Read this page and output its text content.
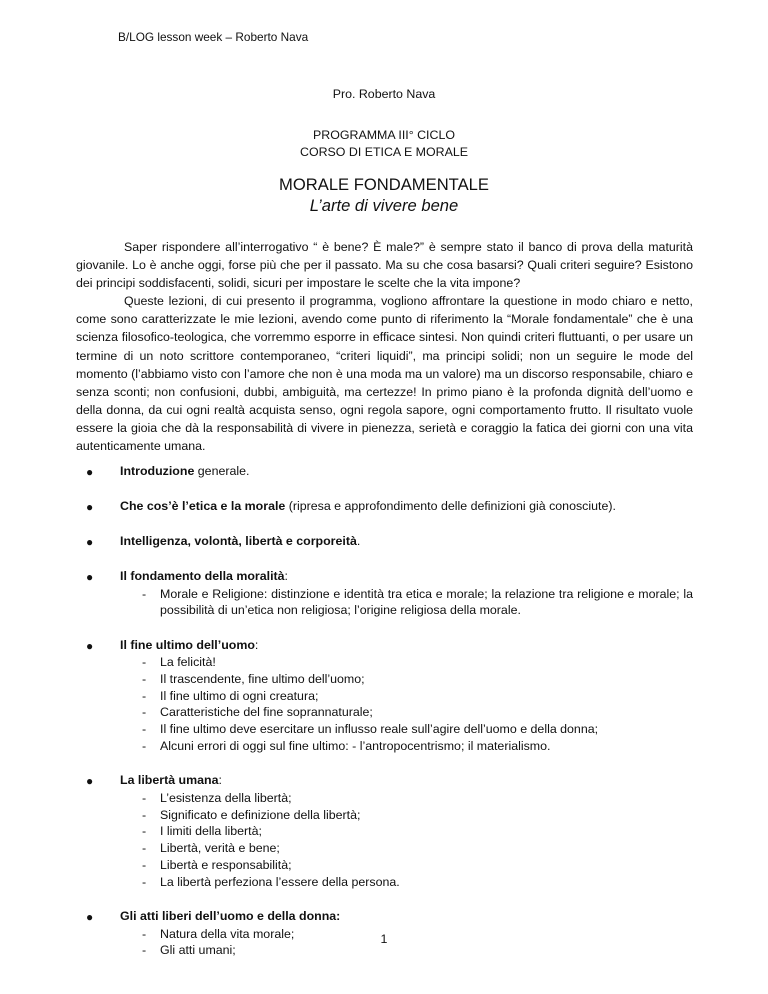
B/LOG lesson week – Roberto Nava
Pro. Roberto Nava
PROGRAMMA III° CICLO
CORSO DI ETICA E MORALE
MORALE FONDAMENTALE
L’arte di vivere bene

Saper rispondere all’interrogativo “ è bene? È male?” è sempre stato il banco di prova della maturità giovanile. Lo è anche oggi, forse più che per il passato. Ma su che cosa basarsi? Quali criteri seguire? Esistono dei principi soddisfacenti, solidi, sicuri per impostare le scelte che la vita impone?

Queste lezioni, di cui presento il programma, vogliono affrontare la questione in modo chiaro e netto, come sono caratterizzate le mie lezioni, avendo come punto di riferimento la “Morale fondamentale” che è una scienza filosofico-teologica, che vorremmo esporre in efficace sintesi. Non quindi criteri fluttuanti, o per usare un termine di un noto scrittore contemporaneo, “criteri liquidi”, ma principi solidi; non un seguire le mode del momento (l’abbiamo visto con l’amore che non è una moda ma un valore) ma un discorso responsabile, chiaro e senza sconti; non confusioni, dubbi, ambiguità, ma certezze! In primo piano è la profonda dignità dell’uomo e della donna, da cui ogni realtà acquista senso, ogni regola sapore, ogni comportamento frutto. Il risultato vuole essere la gioia che dà la responsabilità di vivere in pienezza, serietà e coraggio la fatica dei giorni con una vita autenticamente umana.

● Introduzione generale.
● Che cos’è l’etica e la morale (ripresa e approfondimento delle definizioni già conosciute).
● Intelligenza, volontà, libertà e corporeità.
● Il fondamento della moralità:
- Morale e Religione: distinzione e identità tra etica e morale; la relazione tra religione e morale; la possibilità di un’etica non religiosa; l’origine religiosa della morale.
● Il fine ultimo dell’uomo:
- La felicità!
- Il trascendente, fine ultimo dell’uomo;
- Il fine ultimo di ogni creatura;
- Caratteristiche del fine soprannaturale;
- Il fine ultimo deve esercitare un influsso reale sull’agire dell’uomo e della donna;
- Alcuni errori di oggi sul fine ultimo: - l’antropocentrismo; il materialismo.
● La libertà umana:
- L’esistenza della libertà;
- Significato e definizione della libertà;
- I limiti della libertà;
- Libertà, verità e bene;
- Libertà e responsabilità;
- La libertà perfeziona l’essere della persona.
● Gli atti liberi dell’uomo e della donna:
- Natura della vita morale;
- Gli atti umani;
1
